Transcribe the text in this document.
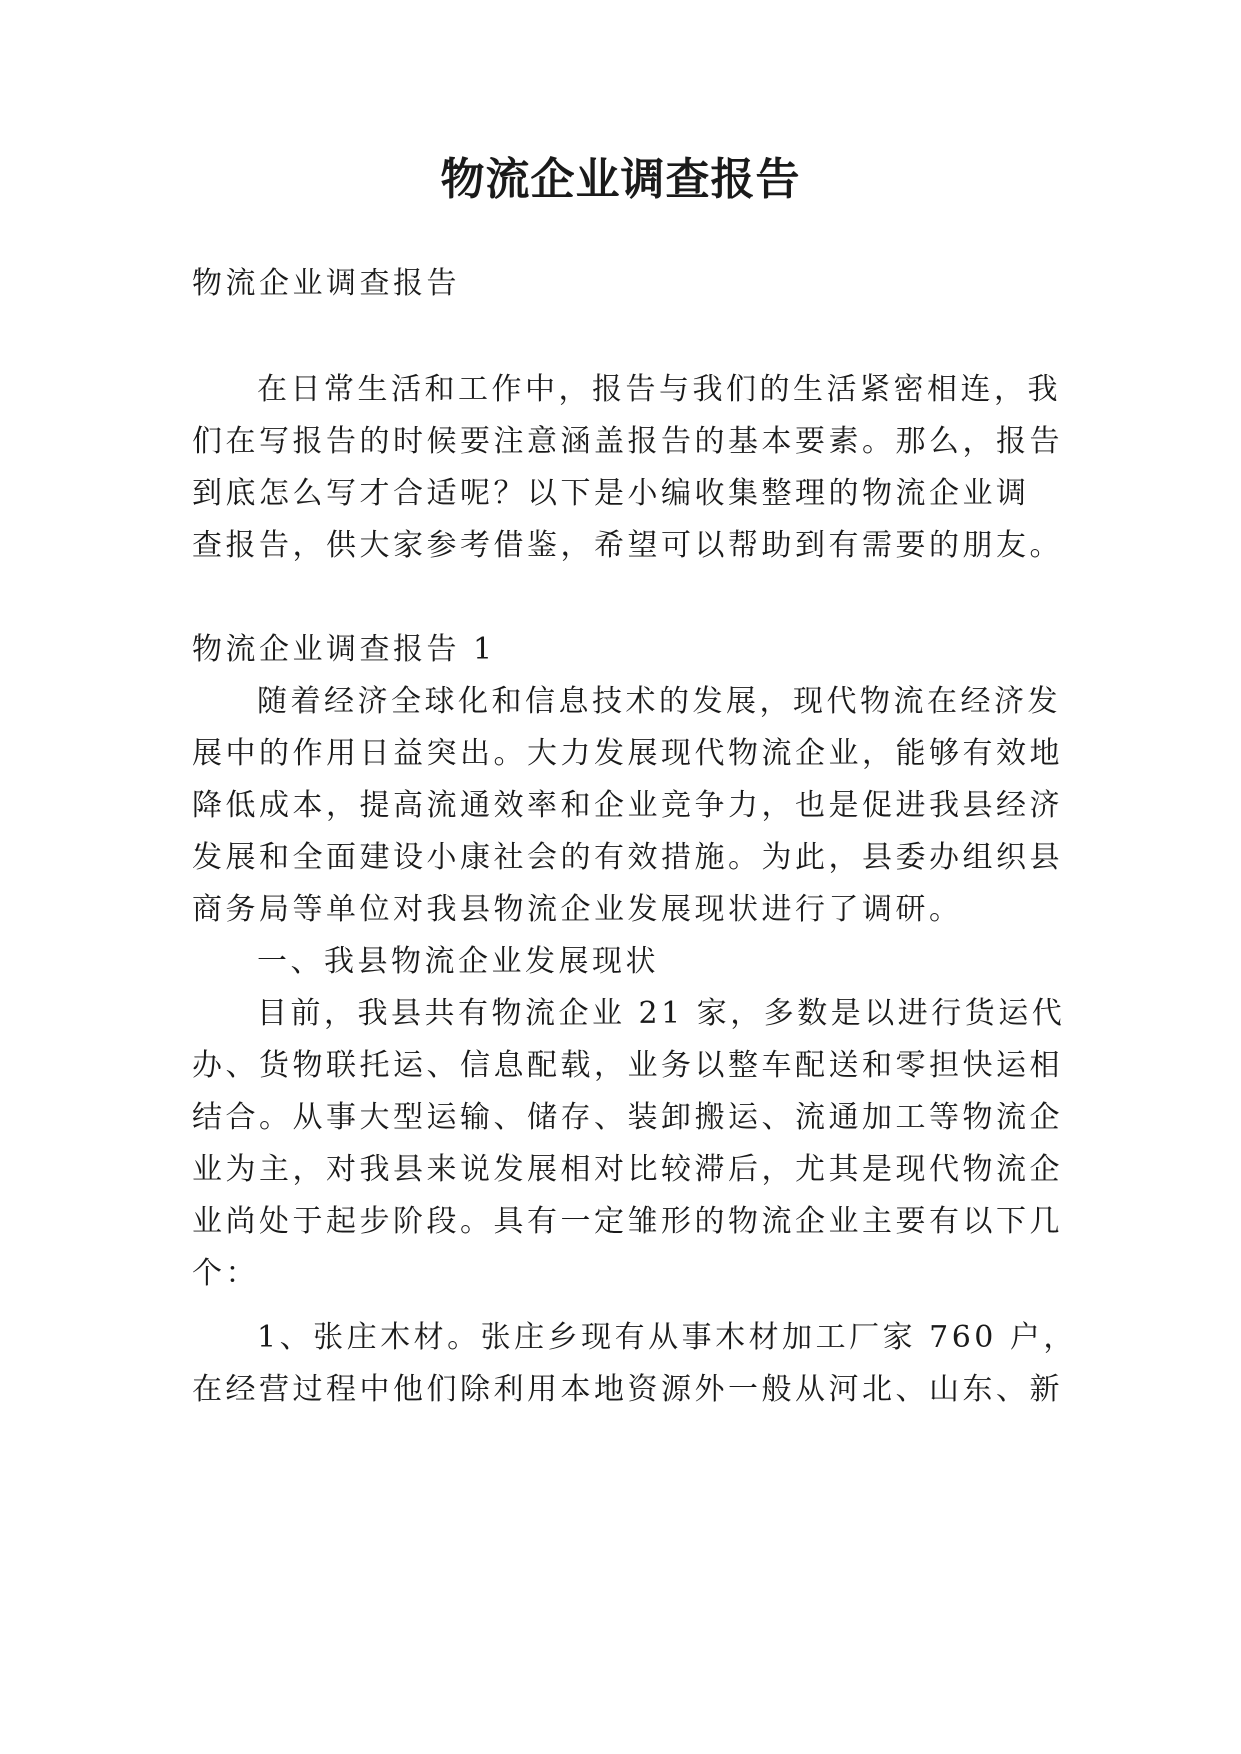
物流企业调查报告

物流企业调查报告

在日常生活和工作中，报告与我们的生活紧密相连，我

们在写报告的时候要注意涵盖报告的基本要素。那么，报告

到底怎么写才合适呢？以下是小编收集整理的物流企业调

查报告，供大家参考借鉴，希望可以帮助到有需要的朋友。

物流企业调查报告 1

随着经济全球化和信息技术的发展，现代物流在经济发

展中的作用日益突出。大力发展现代物流企业，能够有效地

降低成本，提高流通效率和企业竞争力，也是促进我县经济

发展和全面建设小康社会的有效措施。为此，县委办组织县

商务局等单位对我县物流企业发展现状进行了调研。

一、我县物流企业发展现状

目前，我县共有物流企业 21 家，多数是以进行货运代

办、货物联托运、信息配载，业务以整车配送和零担快运相

结合。从事大型运输、储存、装卸搬运、流通加工等物流企

业为主，对我县来说发展相对比较滞后，尤其是现代物流企

业尚处于起步阶段。具有一定雏形的物流企业主要有以下几

个：

1、张庄木材。张庄乡现有从事木材加工厂家 760 户，

在经营过程中他们除利用本地资源外一般从河北、山东、新
